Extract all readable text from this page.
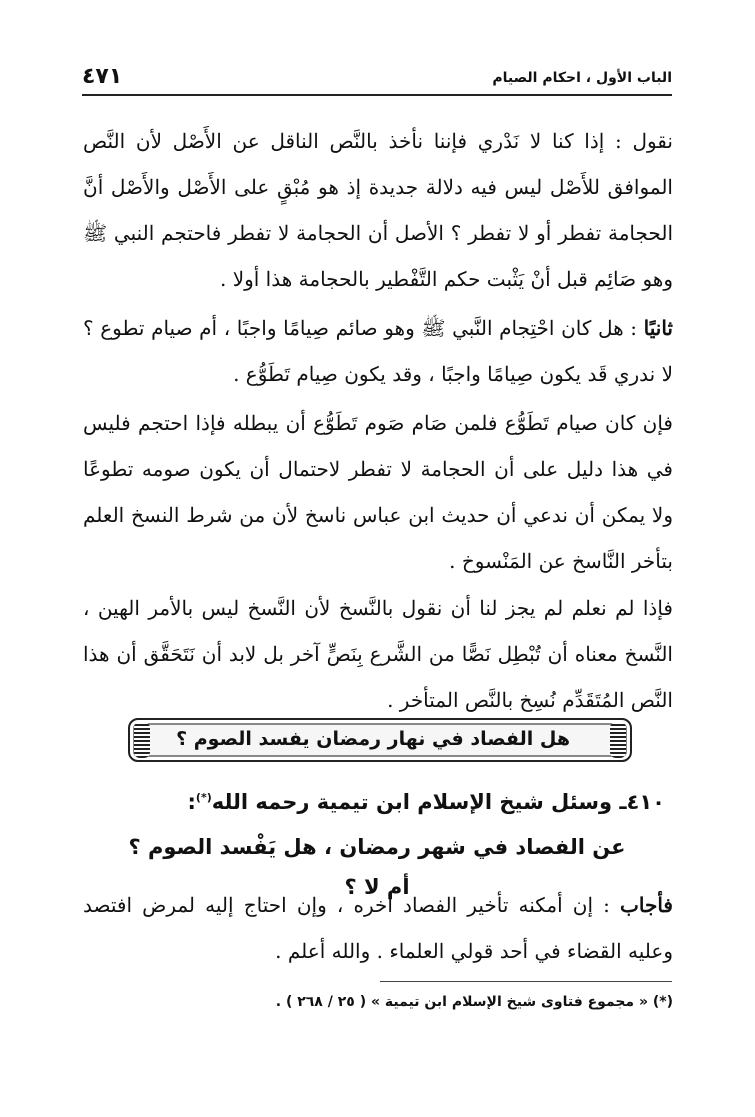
٤٧١	الباب الأول ، احكام الصيام

نقول : إذا كنا لا نَدْري فإننا نأخذ بالنَّص الناقل عن الأَصْل لأن النَّص الموافق للأَصْل ليس فيه دلالة جديدة إذ هو مُبْقٍ على الأَصْل والأَصْل أنَّ الحجامة تفطر أو لا تفطر ؟ الأصل أن الحجامة لا تفطر فاحتجم النبي ﷺ وهو صَائِم قبل أنْ يَثْبت حكم التَّفْطير بالحجامة هذا أولا .

ثانيًا : هل كان احْتِجام النَّبي ﷺ وهو صائم صِيامًا واجبًا ، أم صيام تطوع ؟ لا ندري قَد يكون صِيامًا واجبًا ، وقد يكون صِيام تَطَوُّع .

فإن كان صيام تَطَوُّع فلمن صَام صَوم تَطَوُّع أن يبطله فإذا احتجم فليس في هذا دليل على أن الحجامة لا تفطر لاحتمال أن يكون صومه تطوعًا ولا يمكن أن ندعي أن حديث ابن عباس ناسخ لأن من شرط النسخ العلم بتأخر النَّاسخ عن المَنْسوخ .

فإذا لم نعلم لم يجز لنا أن نقول بالنَّسخ لأن النَّسخ ليس بالأمر الهين ، النَّسخ معناه أن تُبْطِل نَصًّا من الشَّرع بِنَصٍّ آخر بل لابد أن نَتَحَقَّق أن هذا النَّص المُتَقَدِّم نُسِخ بالنَّص المتأخر .

هل الفصاد في نهار رمضان يفسد الصوم ؟
٤١٠ـ وسئل شيخ الإسلام ابن تيمية رحمه الله(*):
عن الفصاد في شهر رمضان ، هل يَفْسد الصوم ؟ أم لا ؟

فأجاب : إن أمكنه تأخير الفصاد أخره ، وإن احتاج إليه لمرض افتصد وعليه القضاء في أحد قولي العلماء . والله أعلم .

(*) « مجموع فتاوى شيخ الإسلام ابن تيمية » ( ٢٥ / ٢٦٨ ) .
